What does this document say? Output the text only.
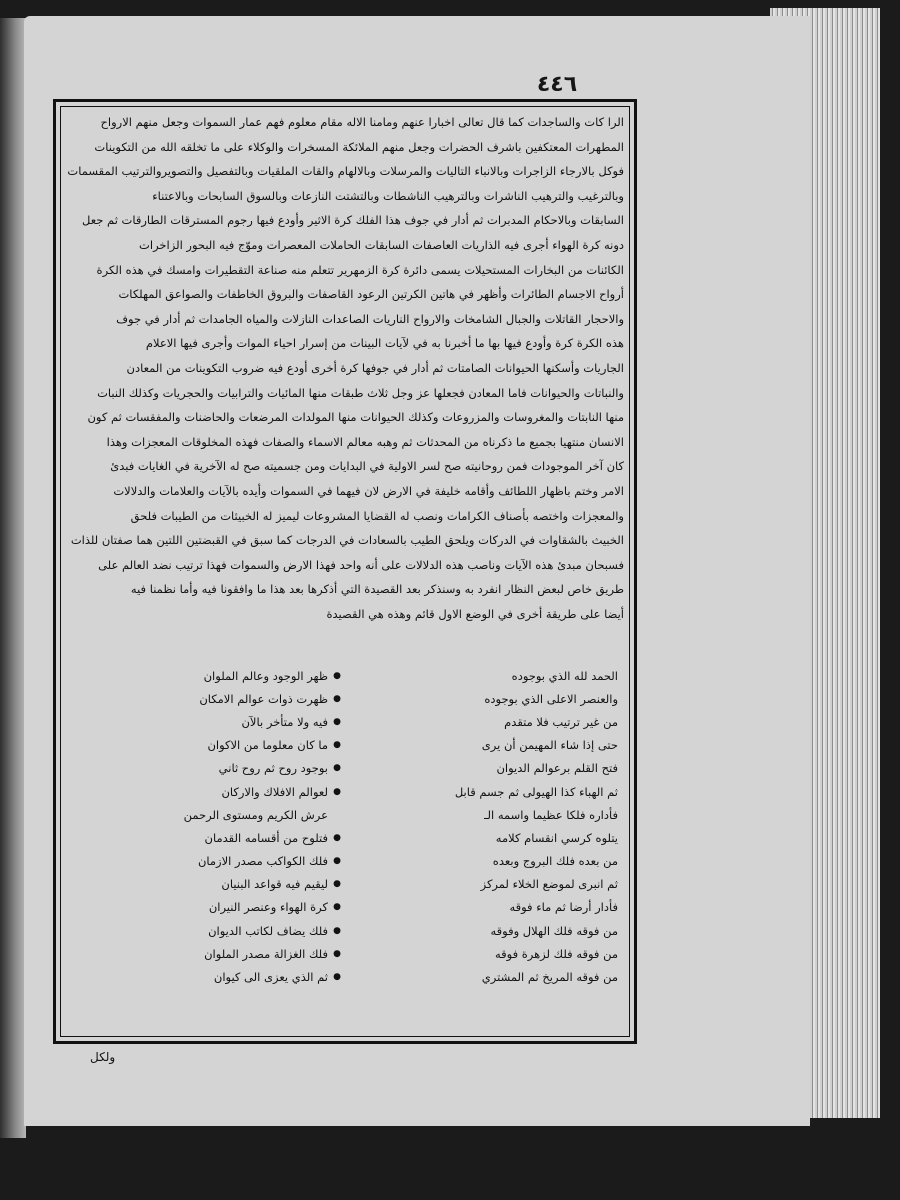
٤٤٦
الرا كات والساجدات كما قال تعالى اخبارا عنهم ومامنا الاله مقام معلوم فهم عمار السموات وجعل منهم الارواح
المطهرات المعتكفين باشرف الحضرات وجعل منهم الملائكة المسخرات والوكلاء على ما تخلقه الله من التكوينات
فوكل بالارجاء الزاجرات وبالانباء التاليات والمرسلات وبالالهام والقات الملقيات وبالتفصيل والتصويروالترتيب المقسمات
وبالترغيب والترهيب الناشرات وبالترهيب الناشطات وبالتشتت النازعات وبالسوق السابحات وبالاعتناء
السابقات وبالاحكام المدبرات ثم أدار في جوف هذا الفلك كرة الاثير وأودع فيها رجوم المسترقات الطارقات ثم جعل
دونه كرة الهواء أجرى فيه الذاريات العاصفات السابقات الحاملات المعصرات وموّج فيه البحور الزاخرات
الكائنات من البخارات المستحيلات يسمى دائرة كرة الزمهرير تتعلم منه صناعة التقطيرات وامسك في هذه الكرة
أرواح الاجسام الطائرات وأظهر في هاتين الكرتين الرعود القاصفات والبروق الخاطفات والصواعق المهلكات
والاحجار القاتلات والجبال الشامخات والارواح الناريات الصاعدات النازلات والمياه الجامدات ثم أدار في جوف
هذه الكرة كرة وأودع فيها بها ما أخبرنا به في لآيات البينات من إسرار احياء الموات وأجرى فيها الاعلام
الجاريات وأسكنها الحيوانات الصامتات ثم أدار في جوفها كرة أخرى أودع فيه ضروب التكوينات من المعادن
والنباتات والحيوانات فاما المعادن فجعلها عز وجل ثلاث طبقات منها المائيات والترابيات والحجريات وكذلك النبات
منها النابتات والمغروسات والمزروعات وكذلك الحيوانات منها المولدات المرضعات والحاضنات والمفقسات ثم كون
الانسان منتهيا بجميع ما ذكرناه من المحدثات ثم وهبه معالم الاسماء والصفات فهذه المخلوقات المعجزات وهذا
كان آخر الموجودات فمن روحانيته صح لسر الاولية في البدايات ومن جسميته صح له الآخرية في الغايات فبدئ
الامر وختم باظهار اللطائف وأقامه خليفة في الارض لان فيهما في السموات وأيده بالآيات والعلامات والدلالات
والمعجزات واختصه بأصناف الكرامات ونصب له القضايا المشروعات ليميز له الخبيثات من الطيبات فلحق
الخبيث بالشقاوات في الدركات ويلحق الطيب بالسعادات في الدرجات كما سبق في القبضتين اللتين هما صفتان للذات
فسبحان مبدئ هذه الآيات وناصب هذه الدلالات على أنه واحد فهذا الارض والسموات فهذا ترتيب نضد العالم على
طريق خاص لبعض النظار انفرد به وسنذكر بعد القصيدة التي أذكرها بعد هذا ما وافقونا فيه وأما نظمنا فيه
أيضا على طريقة أخرى في الوضع الاول قائم وهذه هي القصيدة
الحمد لله الذي بوجوده
●
ظهر الوجود وعالم الملوان
والعنصر الاعلى الذي بوجوده
●
ظهرت ذوات عوالم الامكان
من غير ترتيب فلا متقدم
●
فيه ولا متأخر بالآن
حتى إذا شاء المهيمن أن يرى
●
ما كان معلوما من الاكوان
فتح القلم برعوالم الديوان
●
بوجود روح ثم روح ثاني
ثم الهباء كذا الهيولى ثم جسم قابل
●
لعوالم الافلاك والاركان
فأداره فلكا عظيما واسمه الـ
عرش الكريم ومستوى الرحمن
يتلوه كرسي انقسام كلامه
●
فتلوح من أقسامه القدمان
من بعده فلك البروج وبعده
●
فلك الكواكب مصدر الازمان
ثم انبرى لموضع الخلاء لمركز
●
ليقيم فيه قواعد البنيان
فأدار أرضا ثم ماء فوقه
●
كرة الهواء وعنصر النيران
من فوقه فلك الهلال وفوقه
●
فلك يضاف لكاتب الديوان
من فوقه فلك لزهرة فوقه
●
فلك الغزالة مصدر الملوان
من فوقه المريخ ثم المشتري
●
ثم الذي يعزى الى كيوان
ولكل
